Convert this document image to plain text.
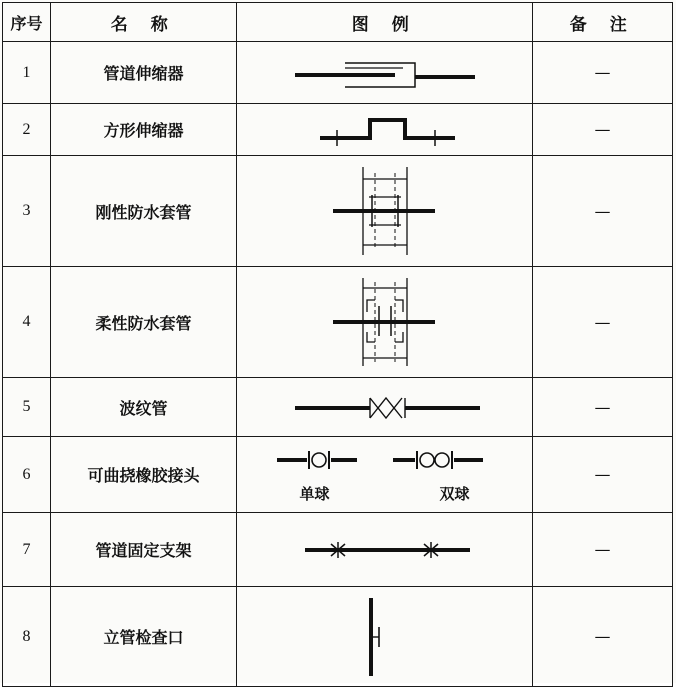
序号	名 称	图 例	备 注
1	管道伸缩器		—
2	方形伸缩器		—
3	刚性防水套管		—
4	柔性防水套管		—
5	波纹管		—
6	可曲挠橡胶接头	单球 双球	—
7	管道固定支架		—
8	立管检查口		—
